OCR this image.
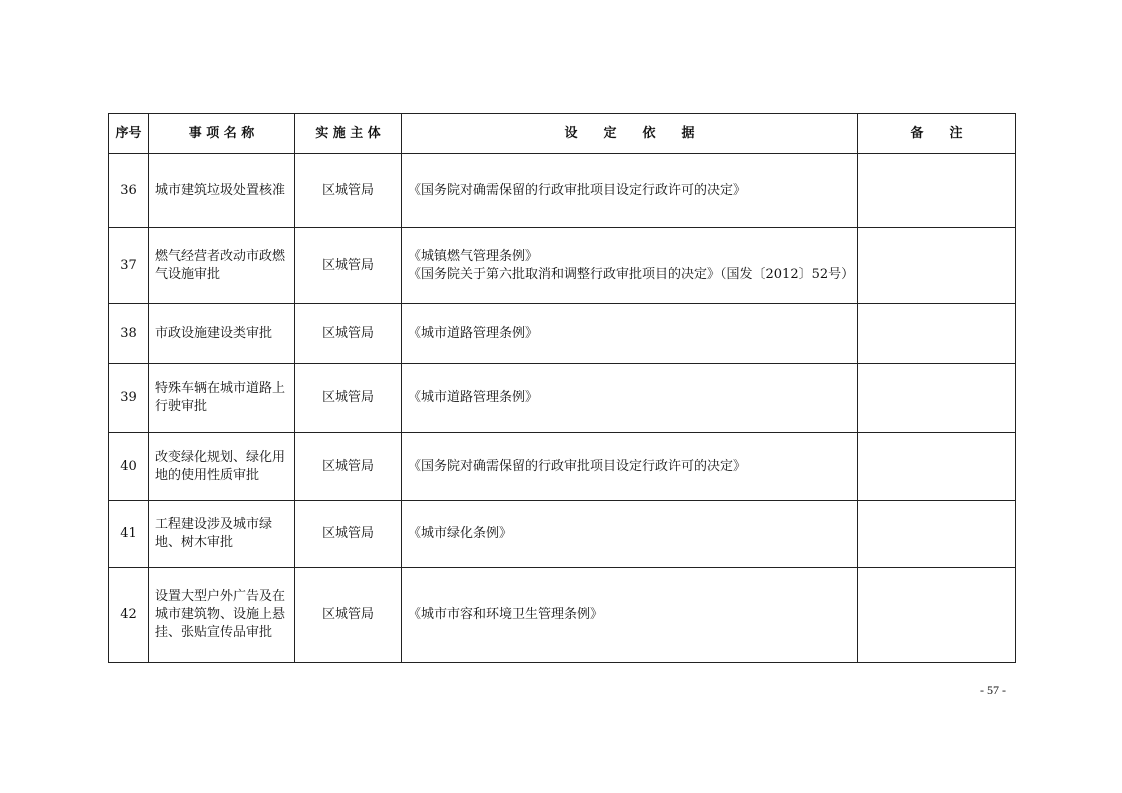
序号	事 项 名 称	实 施 主 体	设　　定　　依　　据	备　　注
36	城市建筑垃圾处置核准	区城管局	《国务院对确需保留的行政审批项目设定行政许可的决定》	

37	燃气经营者改动市政燃气设施审批	区城管局	《城镇燃气管理条例》
《国务院关于第六批取消和调整行政审批项目的决定》（国发〔2012〕52号）	

38	市政设施建设类审批	区城管局	《城市道路管理条例》	

39	特殊车辆在城市道路上行驶审批	区城管局	《城市道路管理条例》	

40	改变绿化规划、绿化用地的使用性质审批	区城管局	《国务院对确需保留的行政审批项目设定行政许可的决定》	

41	工程建设涉及城市绿地、树木审批	区城管局	《城市绿化条例》	

42	设置大型户外广告及在城市建筑物、设施上悬挂、张贴宣传品审批	区城管局	《城市市容和环境卫生管理条例》	

- 57 -
